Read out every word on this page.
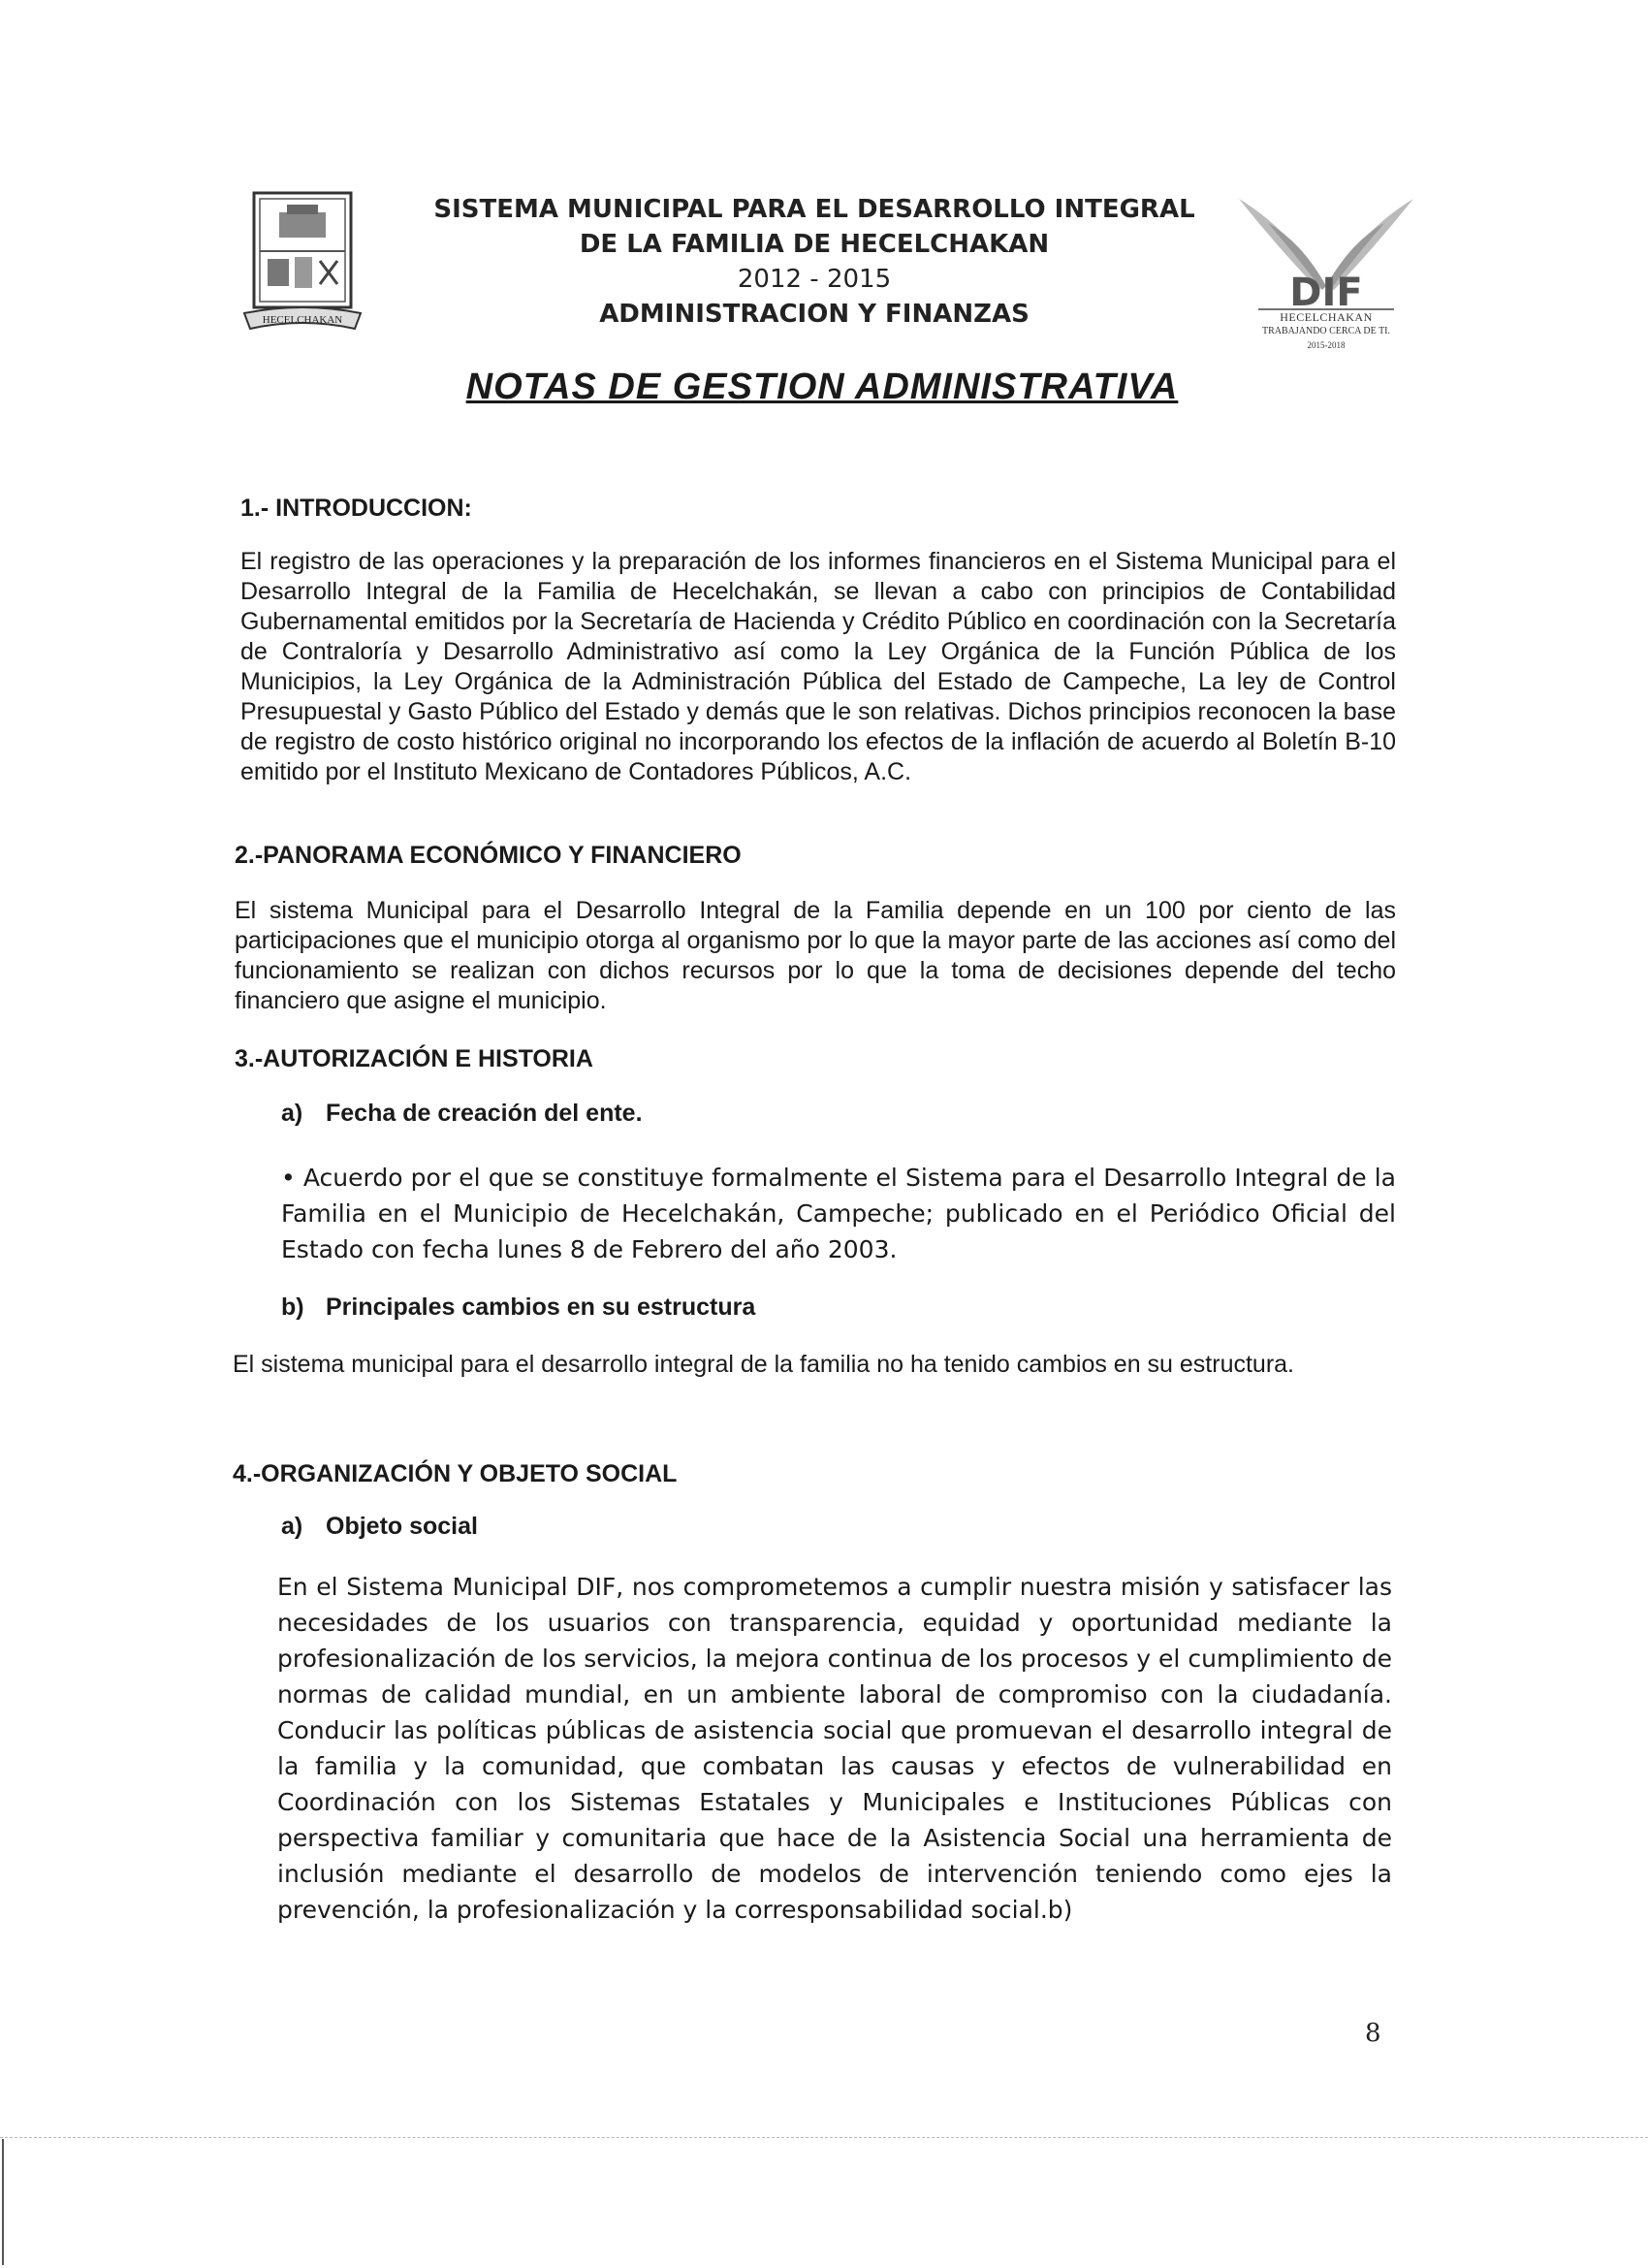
HECELCHAKAN
SISTEMA MUNICIPAL PARA EL DESARROLLO INTEGRAL
DE LA FAMILIA DE HECELCHAKAN
2012 - 2015
ADMINISTRACION Y FINANZAS	DIF
HECELCHAKAN
TRABAJANDO CERCA DE TI.
2015-2018
NOTAS DE GESTION ADMINISTRATIVA
1.- INTRODUCCION:
El registro de las operaciones y la preparación de los informes financieros en el Sistema Municipal para el Desarrollo Integral de la Familia de Hecelchakán, se llevan a cabo con principios de Contabilidad Gubernamental emitidos por la Secretaría de Hacienda y Crédito Público en coordinación con la Secretaría de Contraloría y Desarrollo Administrativo así como la Ley Orgánica de la Función Pública de los Municipios, la Ley Orgánica de la Administración Pública del Estado de Campeche, La ley de Control Presupuestal y Gasto Público del Estado y demás que le son relativas. Dichos principios reconocen la base de registro de costo histórico original no incorporando los efectos de la inflación de acuerdo al Boletín B-10 emitido por el Instituto Mexicano de Contadores Públicos, A.C.
2.-PANORAMA ECONÓMICO Y FINANCIERO
El sistema Municipal para el Desarrollo Integral de la Familia depende en un 100 por ciento de las participaciones que el municipio otorga al organismo por lo que la mayor parte de las acciones así como del funcionamiento se realizan con dichos recursos por lo que la toma de decisiones depende del techo financiero que asigne el municipio.
3.-AUTORIZACIÓN E HISTORIA
a) Fecha de creación del ente.
• Acuerdo por el que se constituye formalmente el Sistema para el Desarrollo Integral de la Familia en el Municipio de Hecelchakán, Campeche; publicado en el Periódico Oficial del Estado con fecha lunes 8 de Febrero del año 2003.
b) Principales cambios en su estructura
El sistema municipal para el desarrollo integral de la familia no ha tenido cambios en su estructura.
4.-ORGANIZACIÓN Y OBJETO SOCIAL
a) Objeto social
En el Sistema Municipal DIF, nos comprometemos a cumplir nuestra misión y satisfacer las necesidades de los usuarios con transparencia, equidad y oportunidad mediante la profesionalización de los servicios, la mejora continua de los procesos y el cumplimiento de normas de calidad mundial, en un ambiente laboral de compromiso con la ciudadanía. Conducir las políticas públicas de asistencia social que promuevan el desarrollo integral de la familia y la comunidad, que combatan las causas y efectos de vulnerabilidad en Coordinación con los Sistemas Estatales y Municipales e Instituciones Públicas con perspectiva familiar y comunitaria que hace de la Asistencia Social una herramienta de inclusión mediante el desarrollo de modelos de intervención teniendo como ejes la prevención, la profesionalización y la corresponsabilidad social.b)
8
